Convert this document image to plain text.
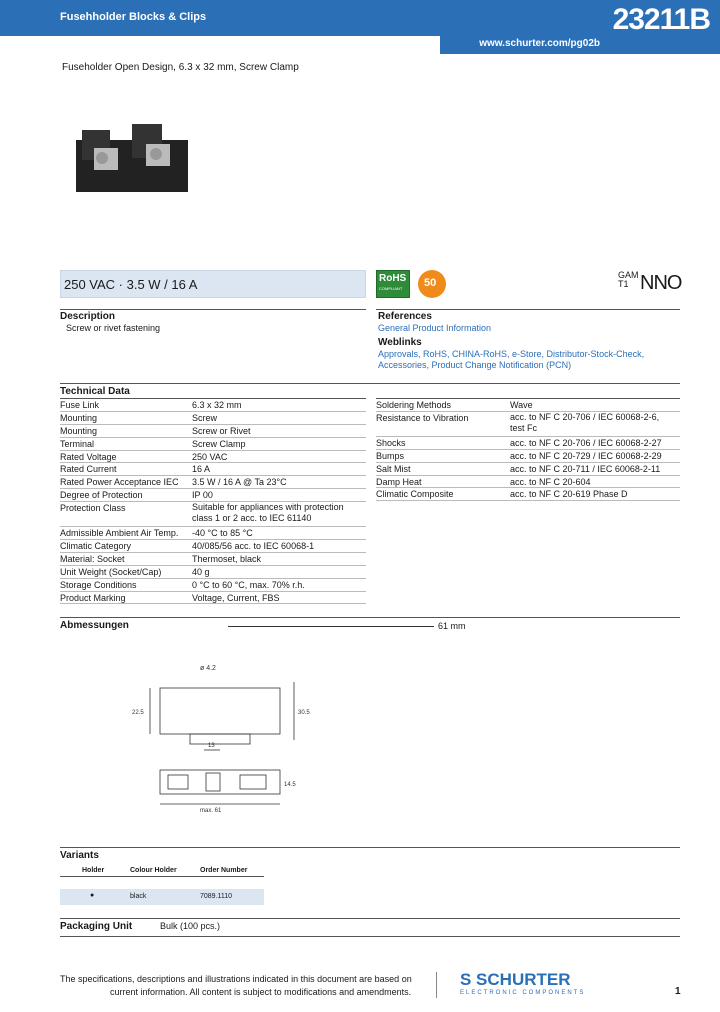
Fusehholder Blocks & Clips	23211B
www.schurter.com/pg02b
Fuseholder Open Design, 6.3 x 32 mm, Screw Clamp
250 VAC · 3.5 W / 16 A	RoHS
COMPLIANT 50
GAM
T1 NNO
Description
Screw or rivet fastening
References
General Product Information
Weblinks
Approvals, RoHS, CHINA-RoHS, e-Store, Distributor-Stock-Check,
Accessories, Product Change Notification (PCN)
Technical Data
Fuse Link	6.3 x 32 mm
Mounting	Screw
Mounting	Screw or Rivet
Terminal	Screw Clamp
Rated Voltage	250 VAC
Rated Current	16 A
Rated Power Acceptance IEC	3.5 W / 16 A @ Ta 23°C
Degree of Protection	IP 00
Protection Class	Suitable for appliances with protection class 1 or 2 acc. to IEC 61140
Admissible Ambient Air Temp.	-40 °C to 85 °C
Climatic Category	40/085/56 acc. to IEC 60068-1
Material: Socket	Thermoset, black
Unit Weight (Socket/Cap)	40 g
Storage Conditions	0 °C to 60 °C, max. 70% r.h.
Product Marking	Voltage, Current, FBS
Soldering Methods	Wave
Resistance to Vibration	acc. to NF C 20-706 / IEC 60068-2-6, test Fc
Shocks	acc. to NF C 20-706 / IEC 60068-2-27
Bumps	acc. to NF C 20-729 / IEC 60068-2-29
Salt Mist	acc. to NF C 20-711 / IEC 60068-2-11
Damp Heat	acc. to NF C 20-604
Climatic Composite	acc. to NF C 20-619 Phase D
Abmessungen	61 mm
ø 4.2
22.5	30.5
13
14.5
max. 61
Variants
Holder	Colour Holder	Order Number
●	black	7089.1110
Packaging Unit	Bulk (100 pcs.)
The specifications, descriptions and illustrations indicated in this document are based on
current information. All content is subject to modifications and amendments.
S SCHURTER
ELECTRONIC COMPONENTS	1
